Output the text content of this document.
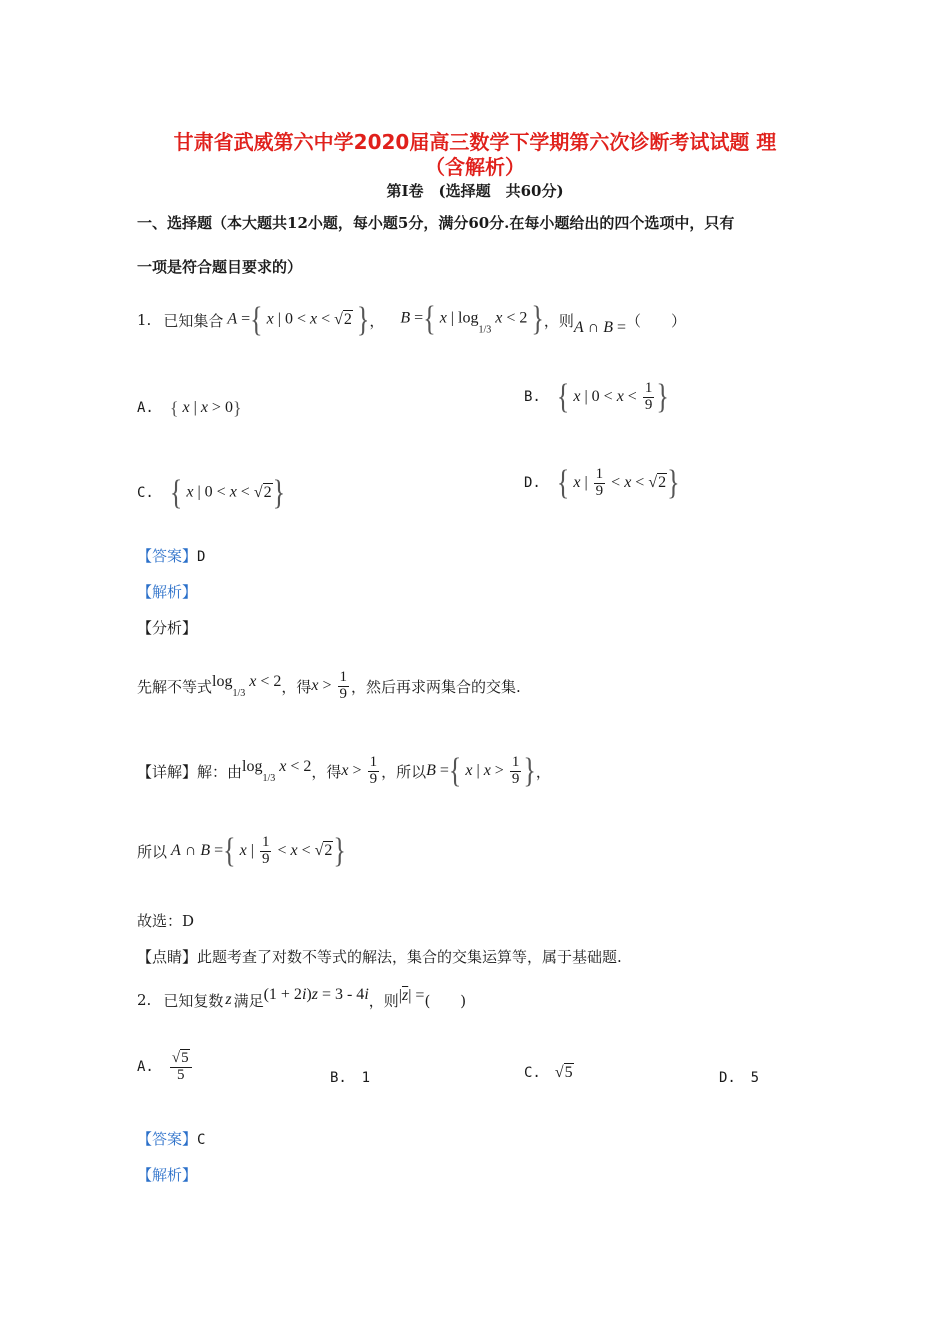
甘肃省武威第六中学2020届高三数学下学期第六次诊断考试试题 理
（含解析）
第Ⅰ卷　(选择题　共60分)
一、选择题（本大题共12小题，每小题5分，满分60分.在每小题给出的四个选项中，只有
一项是符合题目要求的）
1. 已知集合 A ={ x | 0 < x < √2 } ， B ={ x | $\log_{1/3} x < 2$ } ，则 A ∩ B = （　　）
A. { x | x > 0}
B. { x | $0 < x < \frac{1}{9}$ }
C. { x | 0 < x < √2}	D. { x | $\frac{1}{9} < x < √2$}
【答案】D
【解析】
【分析】
先解不等式 $\log_{1/3} x < 2$ ，得 $x > \frac{1}{9}$ ，然后再求两集合的交集.
【详解】 解：由 $\log_{1/3} x < 2$ ，得 $x > \frac{1}{9}$ ，所以 B ={ x | $x > \frac{1}{9}$ } ，
所以 A ∩ B ={ x | $\frac{1}{9} < x < √2$}
故选：D
【点睛】此题考查了对数不等式的解法，集合的交集运算等，属于基础题.
2. 已知复数 z 满足 (1 + 2i)z = 3 - 4i ，则 $|\overline{z}|$ = (　　)
A. $\frac{√5}{5}$	B. 1	C. √5	D. 5
【答案】C
【解析】
